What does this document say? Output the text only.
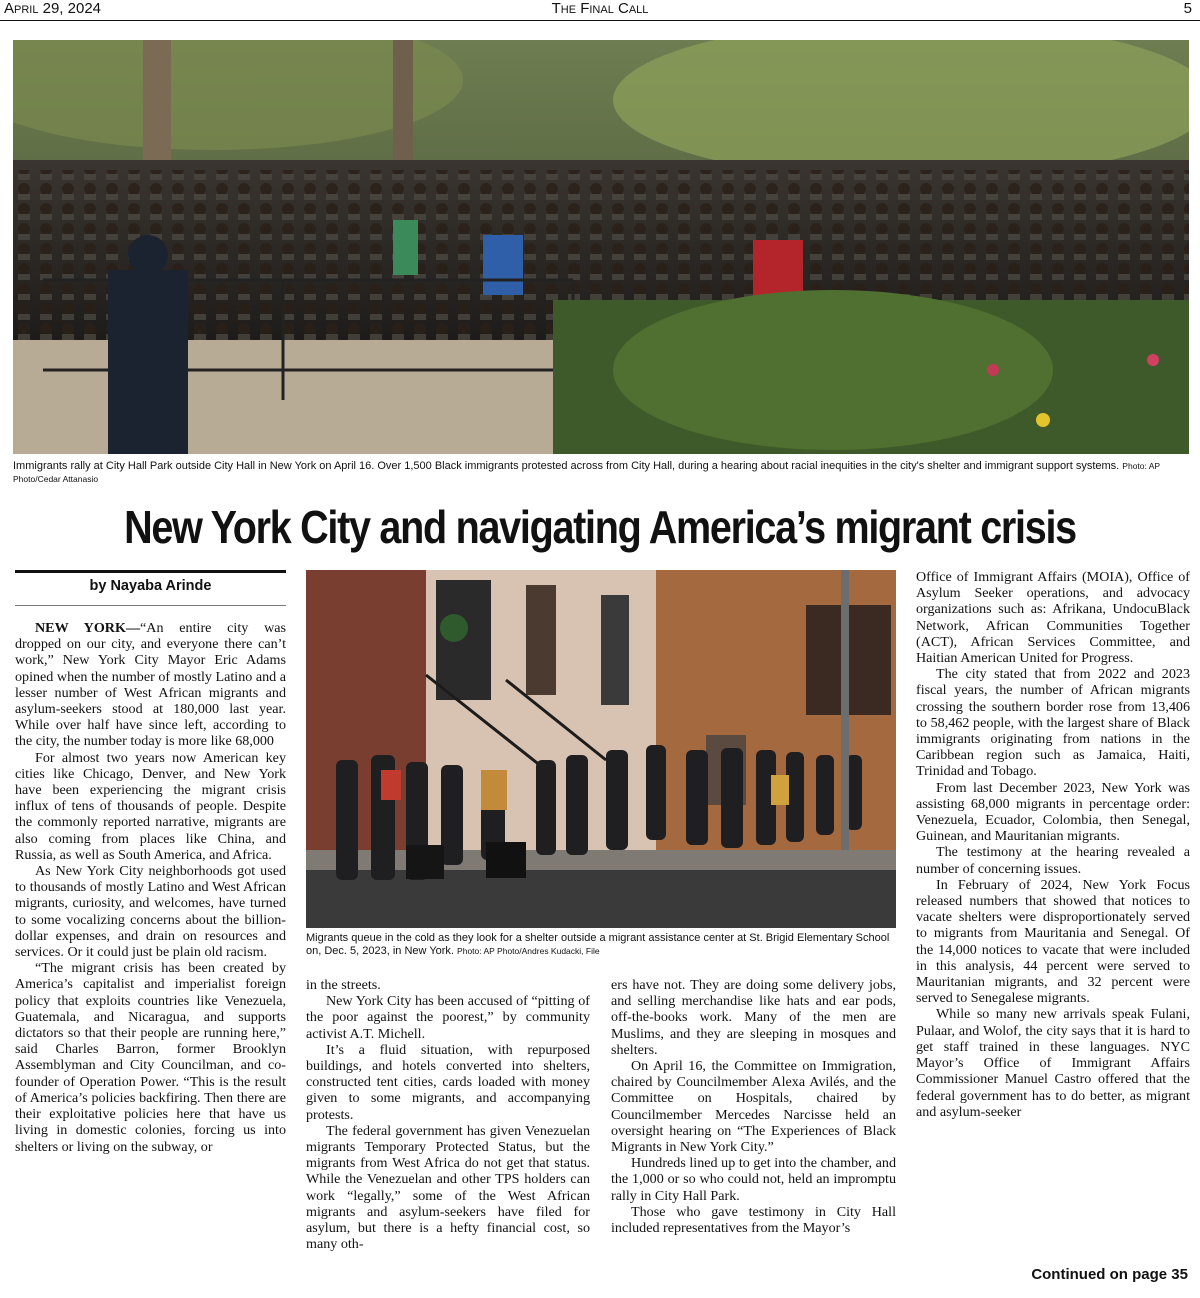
April 29, 2024	The Final Call	5
Immigrants rally at City Hall Park outside City Hall in New York on April 16. Over 1,500 Black immigrants protested across from City Hall, during a hearing about racial inequities in the city's shelter and immigrant support systems. Photo: AP Photo/Cedar Attanasio
New York City and navigating America’s migrant crisis
by Nayaba Arinde

NEW YORK—“An entire city was dropped on our city, and everyone there can’t work,” New York City Mayor Eric Adams opined when the number of mostly Latino and a lesser number of West African migrants and asylum-seekers stood at 180,000 last year. While over half have since left, according to the city, the number today is more like 68,000

For almost two years now American key cities like Chicago, Denver, and New York have been experiencing the migrant crisis influx of tens of thousands of people. Despite the commonly reported narrative, migrants are also coming from places like China, and Russia, as well as South America, and Africa.

As New York City neighborhoods got used to thousands of mostly Latino and West African migrants, curiosity, and welcomes, have turned to some vocalizing concerns about the billion-dollar expenses, and drain on resources and services. Or it could just be plain old racism.

“The migrant crisis has been created by America’s capitalist and imperialist foreign policy that exploits countries like Venezuela, Guatemala, and Nicaragua, and supports dictators so that their people are running here,” said Charles Barron, former Brooklyn Assemblyman and City Councilman, and co-founder of Operation Power. “This is the result of America’s policies backfiring. Then there are their exploitative policies here that have us living in domestic colonies, forcing us into shelters or living on the subway, or

Migrants queue in the cold as they look for a shelter outside a migrant assistance center at St. Brigid Elementary School on, Dec. 5, 2023, in New York. Photo: AP Photo/Andres Kudacki, File

in the streets.

New York City has been accused of “pitting of the poor against the poorest,” by community activist A.T. Michell.

It’s a fluid situation, with repurposed buildings, and hotels converted into shelters, constructed tent cities, cards loaded with money given to some migrants, and accompanying protests.

The federal government has given Venezuelan migrants Temporary Protected Status, but the migrants from West Africa do not get that status. While the Venezuelan and other TPS holders can work “legally,” some of the West African migrants and asylum-seekers have filed for asylum, but there is a hefty financial cost, so many oth-

ers have not. They are doing some delivery jobs, and selling merchandise like hats and ear pods, off-the-books work. Many of the men are Muslims, and they are sleeping in mosques and shelters.

On April 16, the Committee on Immigration, chaired by Councilmember Alexa Avilés, and the Committee on Hospitals, chaired by Councilmember Mercedes Narcisse held an oversight hearing on “The Experiences of Black Migrants in New York City.”

Hundreds lined up to get into the chamber, and the 1,000 or so who could not, held an impromptu rally in City Hall Park.

Those who gave testimony in City Hall included representatives from the Mayor’s

Office of Immigrant Affairs (MOIA), Office of Asylum Seeker operations, and advocacy organizations such as: Afrikana, UndocuBlack Network, African Communities Together (ACT), African Services Committee, and Haitian American United for Progress.

The city stated that from 2022 and 2023 fiscal years, the number of African migrants crossing the southern border rose from 13,406 to 58,462 people, with the largest share of Black immigrants originating from nations in the Caribbean region such as Jamaica, Haiti, Trinidad and Tobago.

From last December 2023, New York was assisting 68,000 migrants in percentage order: Venezuela, Ecuador, Colombia, then Senegal, Guinean, and Mauritanian migrants.

The testimony at the hearing revealed a number of concerning issues.

In February of 2024, New York Focus released numbers that showed that notices to vacate shelters were disproportionately served to migrants from Mauritania and Senegal. Of the 14,000 notices to vacate that were included in this analysis, 44 percent were served to Mauritanian migrants, and 32 percent were served to Senegalese migrants.

While so many new arrivals speak Fulani, Pulaar, and Wolof, the city says that it is hard to get staff trained in these languages. NYC Mayor’s Office of Immigrant Affairs Commissioner Manuel Castro offered that the federal government has to do better, as migrant and asylum-seeker

Continued on page 35
